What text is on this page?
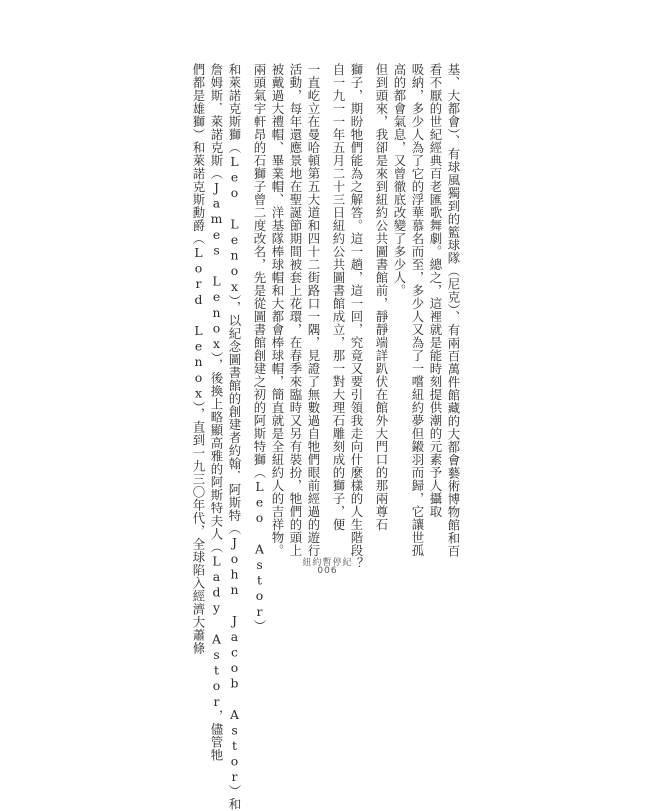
基、大都會）、有球風獨到的籃球隊（尼克）、有兩百萬件館藏的大都會藝術博物館和百
看不厭的世紀經典百老匯歌舞劇。總之，這裡就是能時刻提供潮的元素予人攝取
吸納，多少人為了它的浮華慕名而至，多少人又為了一嚐紐約夢但鎩羽而歸，它讓世孤
高的都會氣息，又曾徹底改變了多少人。
但到頭來，我卻是來到紐約公共圖書館前，靜靜端詳趴伏在館外大門口的那兩尊石
獅子，期盼牠們能為之解答。這一趟，這一回，究竟又要引領我走向什麼樣的人生階段？
自一九一一年五月二十三日紐約公共圖書館成立，那一對大理石雕刻成的獅子，便
一直屹立在曼哈頓第五大道和四十二街路口一隅，見證了無數過自牠們眼前經過的遊行
活動，每年還應景地在聖誕節期間被套上花環，在春季來臨時又另有裝扮，牠們的頭上
被戴過大禮帽、畢業帽、洋基隊棒球帽和大都會棒球帽，簡直就是全紐約人的吉祥物。
兩頭氣宇軒昂的石獅子曾二度改名，先是從圖書館創建之初的阿斯特獅（Leo Astor）
和萊諾克斯獅（Leo Lenox），以紀念圖書館的創建者約翰．阿斯特（John Jacob Astor）和
詹姆斯．萊諾克斯（James Lenox），後換上略顯高雅的阿斯特夫人（Lady Astor，儘管牠
們都是雄獅）和萊諾克斯勳爵（Lord Lenox），直到一九三〇年代，全球陷入經濟大蕭條	紐約暫停紀
006
